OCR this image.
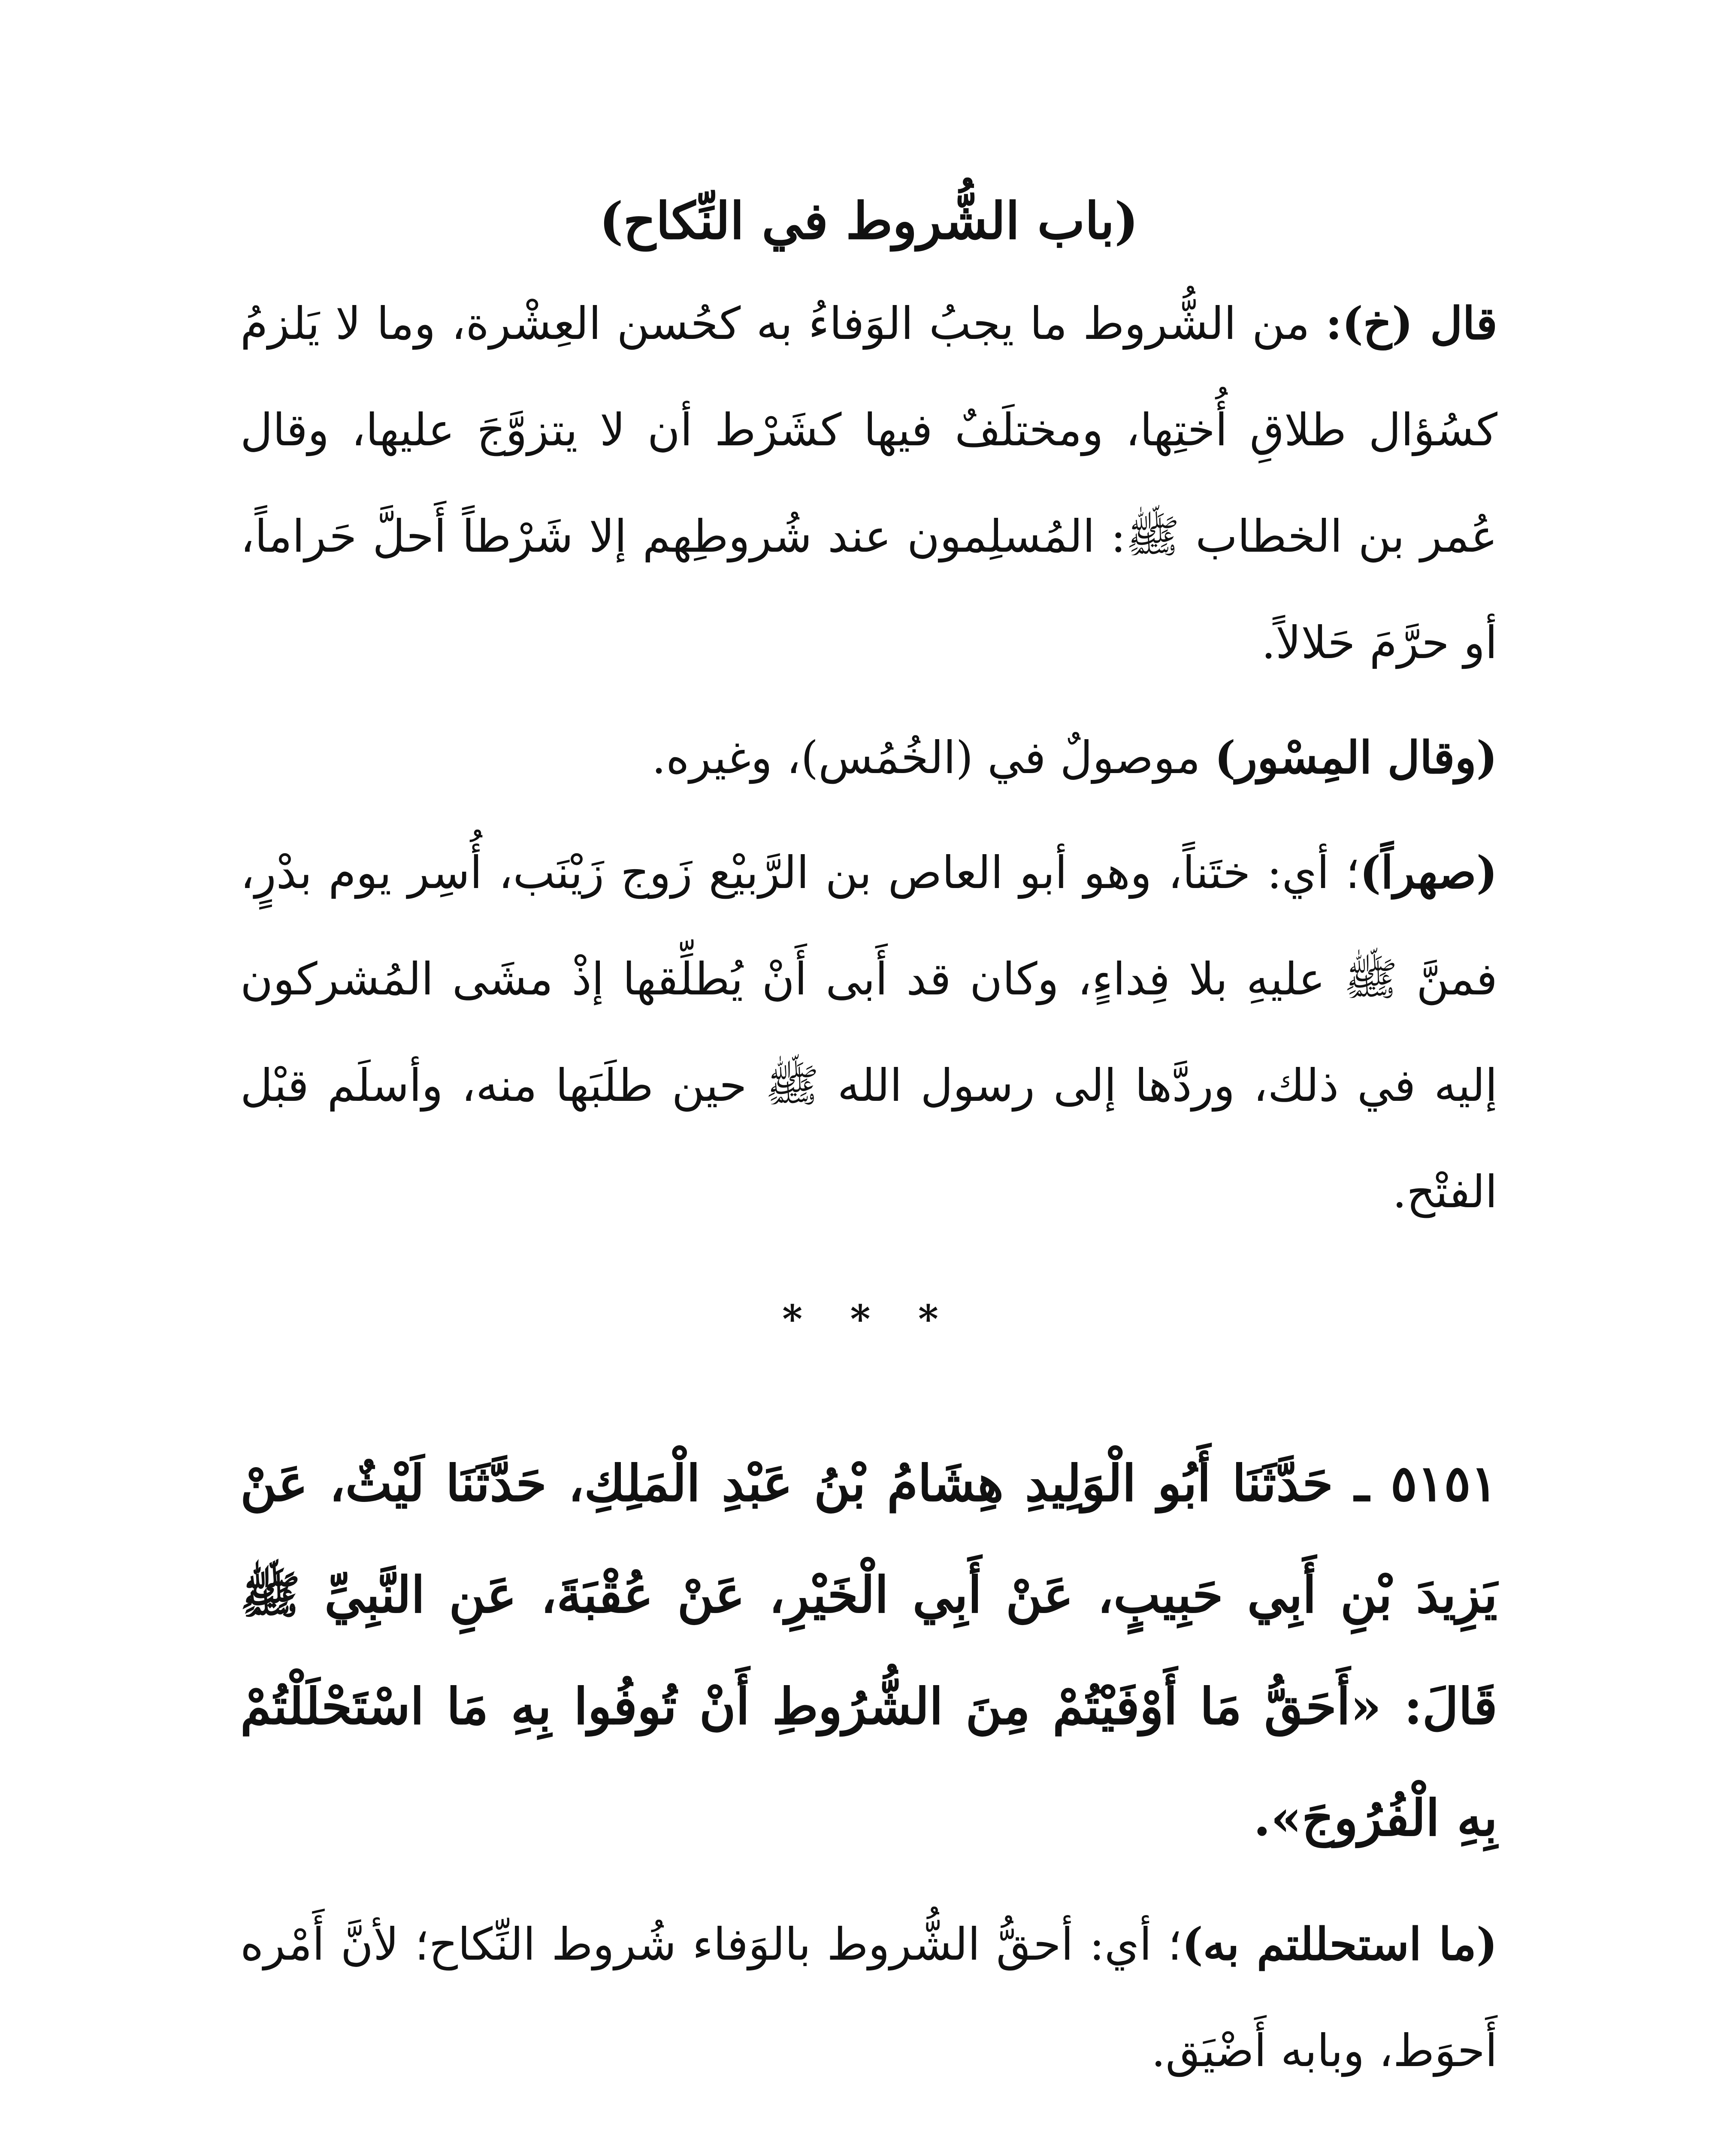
(باب الشُّروط في النِّكاح)

قال (خ): من الشُّروط ما يجبُ الوَفاءُ به كحُسن العِشْرة، وما لا يَلزمُ كسُؤال طلاقِ أُختِها، ومختلَفٌ فيها كشَرْط أن لا يتزوَّجَ عليها، وقال عُمر بن الخطاب ﷺ: المُسلِمون عند شُروطِهم إلا شَرْطاً أَحلَّ حَراماً، أو حرَّمَ حَلالاً.

(وقال المِسْور) موصولٌ في (الخُمُس)، وغيره.

(صهراً)؛ أي: ختَناً، وهو أبو العاص بن الرَّبيْع زَوج زَيْنَب، أُسِر يوم بدْرٍ، فمنَّ ﷺ عليهِ بلا فِداءٍ، وكان قد أَبى أَنْ يُطلِّقها إذْ مشَى المُشركون إليه في ذلك، وردَّها إلى رسول الله ﷺ حين طلَبَها منه، وأسلَم قبْل الفتْح.

* * *

٥١٥١ ـ حَدَّثَنَا أَبُو الْوَلِيدِ هِشَامُ بْنُ عَبْدِ الْمَلِكِ، حَدَّثَنَا لَيْثٌ، عَنْ يَزِيدَ بْنِ أَبِي حَبِيبٍ، عَنْ أَبِي الْخَيْرِ، عَنْ عُقْبَةَ، عَنِ النَّبِيِّ ﷺ قَالَ: «أَحَقُّ مَا أَوْفَيْتُمْ مِنَ الشُّرُوطِ أَنْ تُوفُوا بِهِ مَا اسْتَحْلَلْتُمْ بِهِ الْفُرُوجَ».

(ما استحللتم به)؛ أي: أحقُّ الشُّروط بالوَفاء شُروط النِّكاح؛ لأنَّ أَمْره أَحوَط، وبابه أَضْيَق.
